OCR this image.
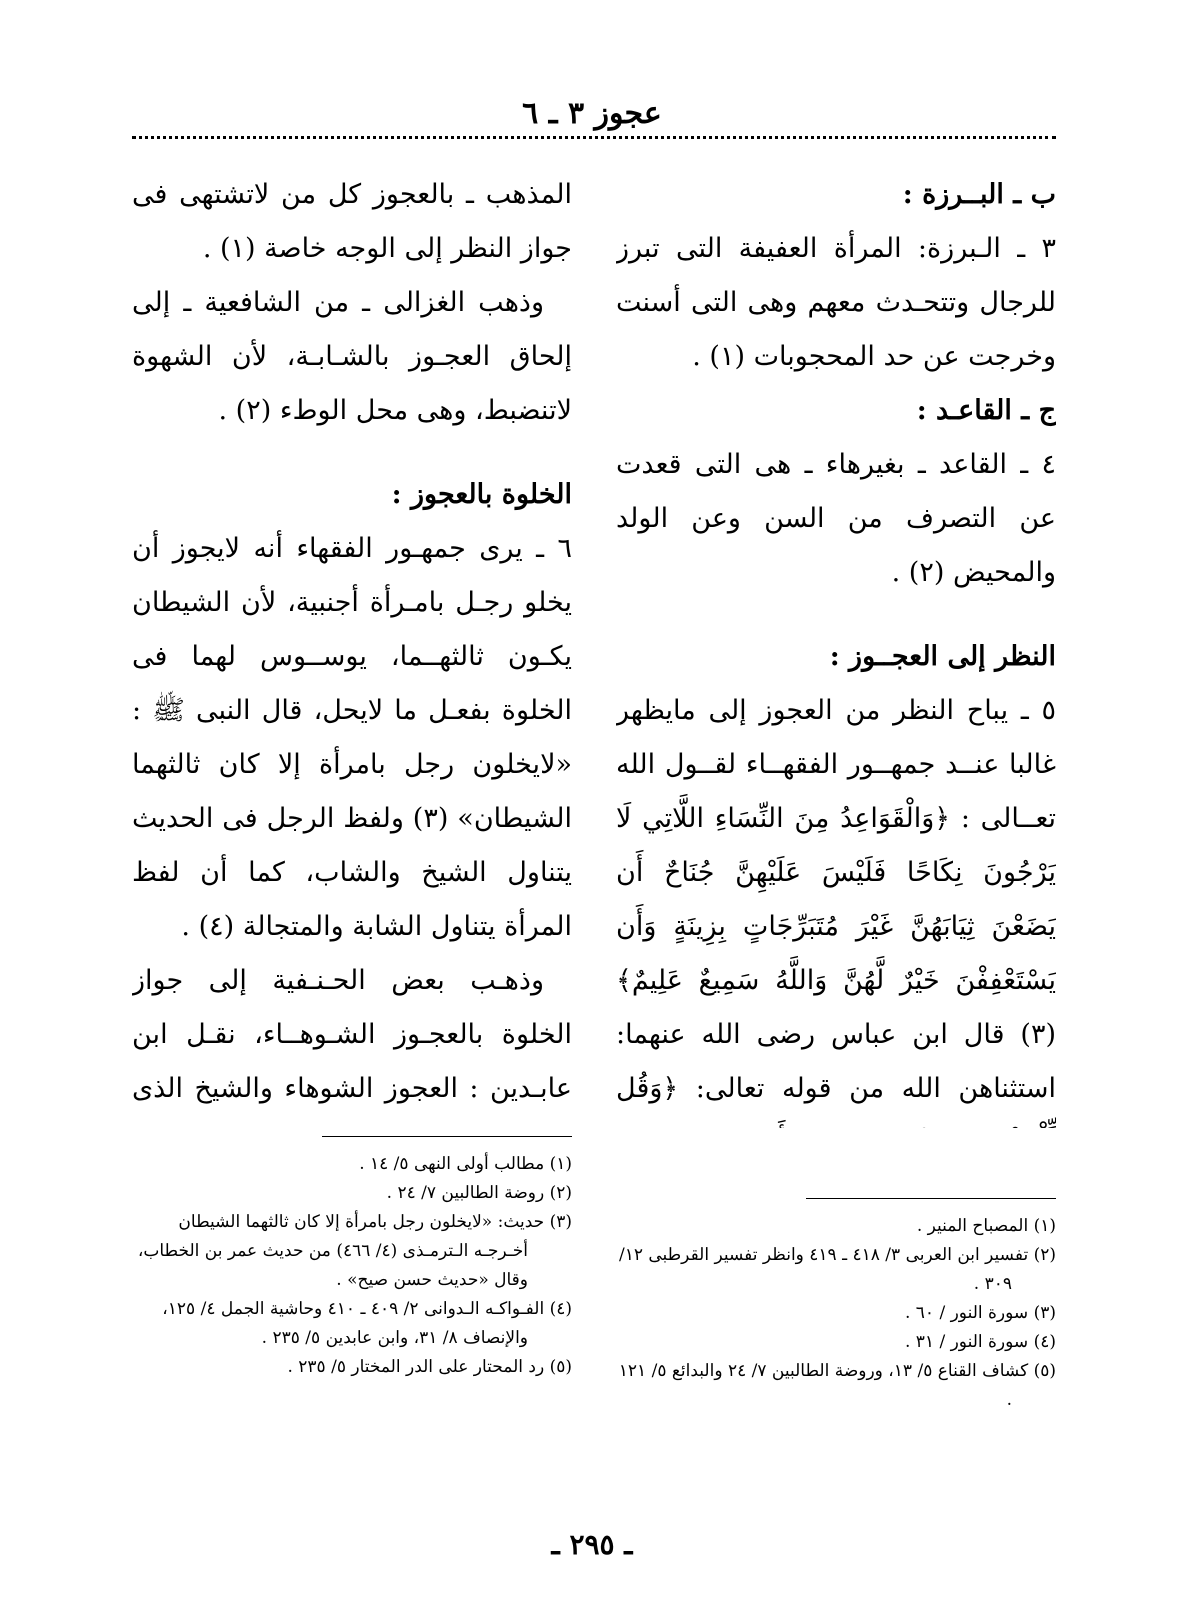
عجوز ٣ ـ ٦

ب ـ البــرزة :

٣ ـ الـبرزة: المرأة العفيفة التى تبرز للرجال وتتحـدث معهم وهى التى أسنت وخرجت عن حد المحجوبات (١) .

ج ـ القاعـد :

٤ ـ القاعد ـ بغيرهاء ـ هى التى قعدت عن التصرف من السن وعن الولد والمحيض (٢) .

النظر إلى العجــوز :

٥ ـ يباح النظر من العجوز إلى مايظهر غالبا عنــد جمهــور الفقهــاء لقــول الله تعــالى : ﴿وَالْقَوَاعِدُ مِنَ النِّسَاءِ اللَّاتِي لَا يَرْجُونَ نِكَاحًا فَلَيْسَ عَلَيْهِنَّ جُنَاحٌ أَن يَضَعْنَ ثِيَابَهُنَّ غَيْرَ مُتَبَرِّجَاتٍ بِزِينَةٍ وَأَن يَسْتَعْفِفْنَ خَيْرٌ لَّهُنَّ وَاللَّهُ سَمِيعٌ عَلِيمٌ﴾ (٣) قال ابن عباس رضى الله عنهما: استثناهن الله من قوله تعالى: ﴿وَقُل

المذهب ـ بالعجوز كل من لاتشتهى فى جواز النظر إلى الوجه خاصة (١) .

وذهب الغزالى ـ من الشافعية ـ إلى إلحاق العجـوز بالشـابـة، لأن الشهوة لاتنضبط، وهى محل الوطء (٢) .

الخلوة بالعجوز :

٦ ـ يرى جمهـور الفقهاء أنه لايجوز أن يخلو رجـل بامـرأة أجنبية، لأن الشيطان يكـون ثالثهــما، يوســوس لهما فى الخلوة بفعـل ما لايحل، قال النبى ﷺ : «لايخلون رجل بامرأة إلا كان ثالثهما الشيطان» (٣) ولفظ الرجل فى الحديث يتناول الشيخ والشاب، كما أن لفظ المرأة يتناول الشابة والمتجالة (٤) .

وذهـب بعض الحـنـفية إلى جواز الخلوة بالعجـوز الشـوهــاء، نقـل ابن عابـدين : العجوز الشوهاء والشيخ الذى

(١) المصباح المنير .
(٢) تفسير ابن العربى ٣/ ٤١٨ ـ ٤١٩ وانظر تفسير القرطبى ١٢/ ٣٠٩ .
(٣) سورة النور / ٦٠ .
(٤) سورة النور / ٣١ .
(٥) كشاف القناع ٥/ ١٣، وروضة الطالبين ٧/ ٢٤ والبدائع ٥/ ١٢١ .
(١) مطالب أولى النهى ٥/ ١٤ .
(٢) روضة الطالبين ٧/ ٢٤ .
(٣) حديث: «لايخلون رجل بامرأة إلا كان ثالثهما الشيطان أخـرجـه الـترمـذى (٤/ ٤٦٦) من حديث عمر بن الخطاب، وقال «حديث حسن صيح» .
(٤) الفـواكـه الـدوانى ٢/ ٤٠٩ ـ ٤١٠ وحاشية الجمل ٤/ ١٢٥، والإنصاف ٨/ ٣١، وابن عابدين ٥/ ٢٣٥ .
(٥) رد المحتار على الدر المختار ٥/ ٢٣٥ .
ـ ٢٩٥ ـ
